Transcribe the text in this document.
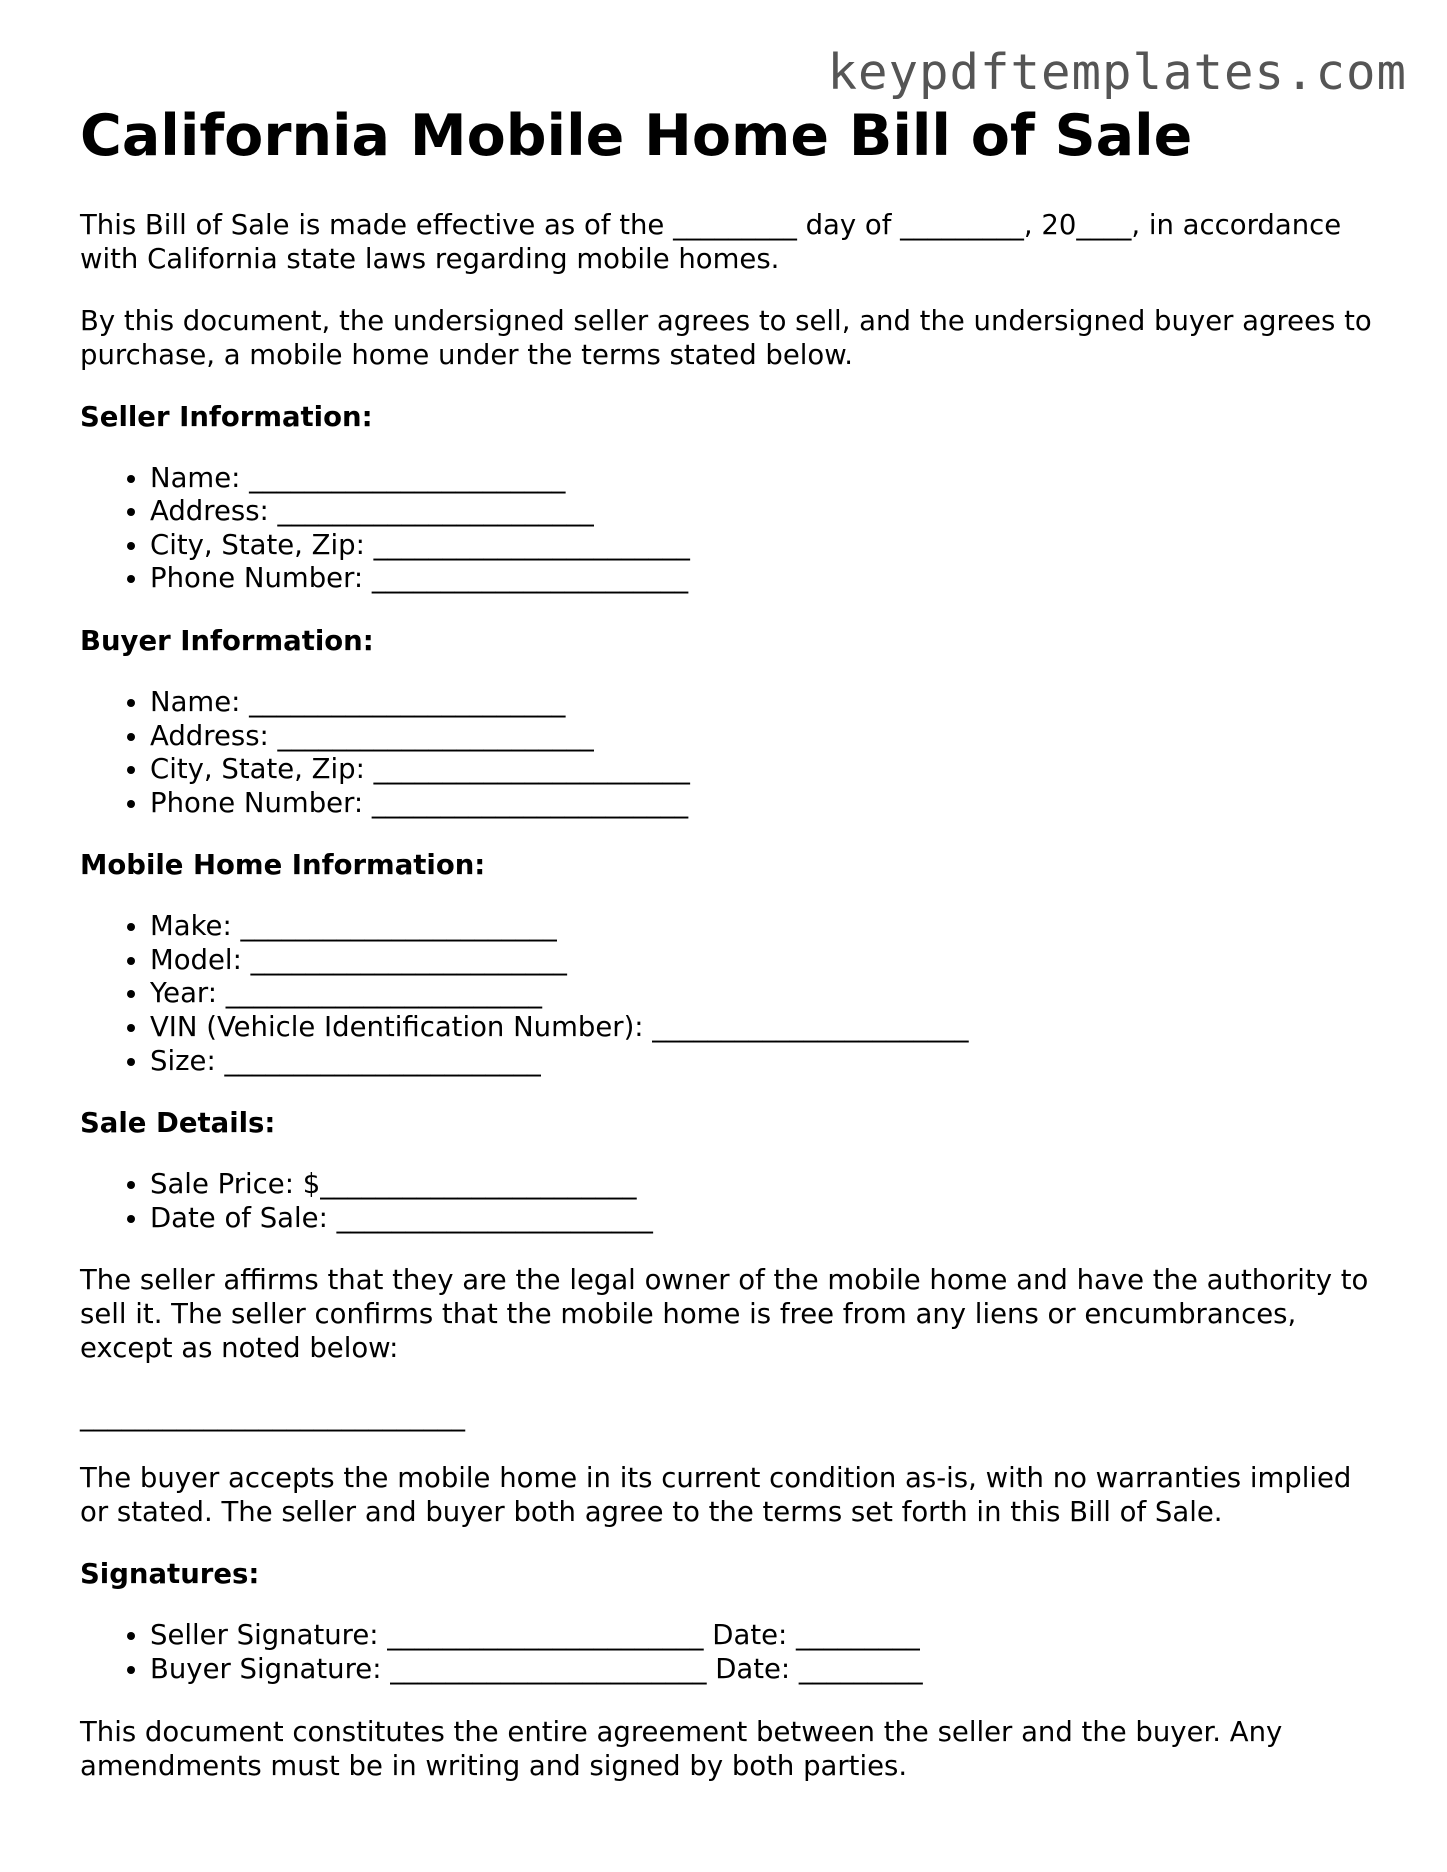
keypdftemplates.com
California Mobile Home Bill of Sale

This Bill of Sale is made effective as of the _________ day of _________, 20____, in accordance with California state laws regarding mobile homes.

By this document, the undersigned seller agrees to sell, and the undersigned buyer agrees to purchase, a mobile home under the terms stated below.

Seller Information:
• Name: _______________________
• Address: _______________________
• City, State, Zip: _______________________
• Phone Number: _______________________
Buyer Information:
• Name: _______________________
• Address: _______________________
• City, State, Zip: _______________________
• Phone Number: _______________________
Mobile Home Information:
• Make: _______________________
• Model: _______________________
• Year: _______________________
• VIN (Vehicle Identification Number): _______________________
• Size: _______________________
Sale Details:
• Sale Price: $_______________________
• Date of Sale: _______________________

The seller affirms that they are the legal owner of the mobile home and have the authority to sell it. The seller confirms that the mobile home is free from any liens or encumbrances, except as noted below:

____________________________

The buyer accepts the mobile home in its current condition as-is, with no warranties implied or stated. The seller and buyer both agree to the terms set forth in this Bill of Sale.

Signatures:
• Seller Signature: _______________________ Date: _________
• Buyer Signature: _______________________ Date: _________

This document constitutes the entire agreement between the seller and the buyer. Any amendments must be in writing and signed by both parties.
